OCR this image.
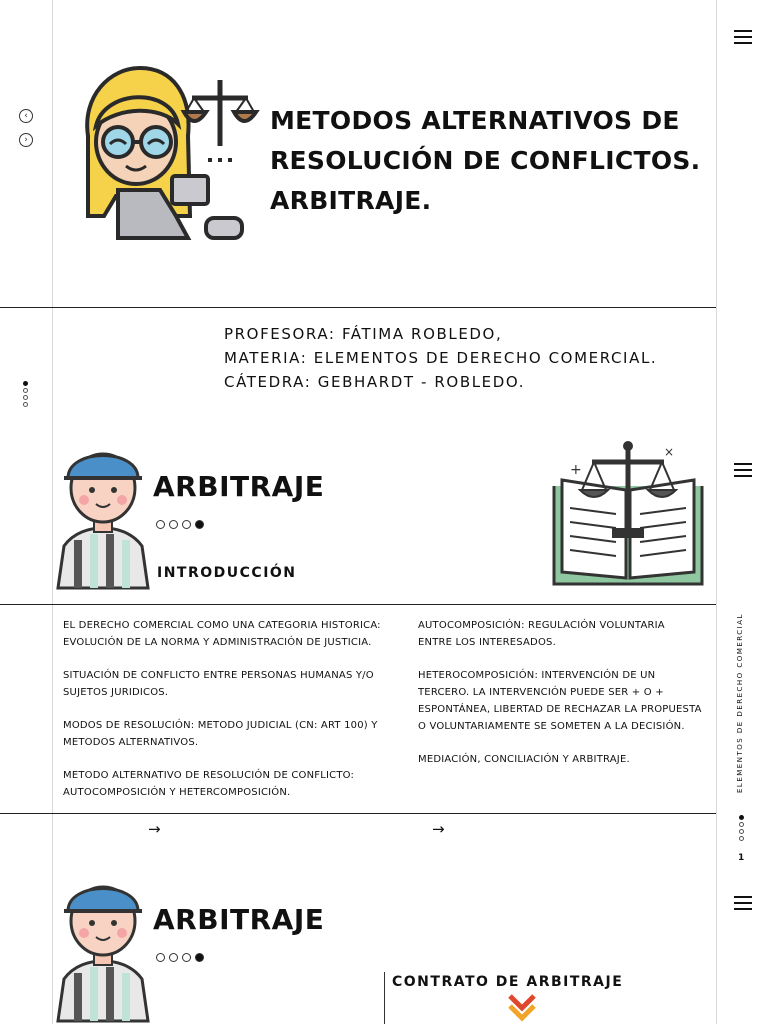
‹
›
ELEMENTOS DE DERECHO COMERCIAL
1
METODOS ALTERNATIVOS DE
RESOLUCIÓN DE CONFLICTOS.
ARBITRAJE.
PROFESORA: FÁTIMA ROBLEDO,
MATERIA: ELEMENTOS DE DERECHO COMERCIAL.
CÁTEDRA: GEBHARDT - ROBLEDO.
ARBITRAJE
INTRODUCCIÓN
+
×

EL DERECHO COMERCIAL COMO UNA CATEGORIA HISTORICA: EVOLUCIÓN DE LA NORMA Y ADMINISTRACIÓN DE JUSTICIA.

SITUACIÓN DE CONFLICTO ENTRE PERSONAS HUMANAS Y/O SUJETOS JURIDICOS.

MODOS DE RESOLUCIÓN: METODO JUDICIAL (CN: ART 100) Y METODOS ALTERNATIVOS.

METODO ALTERNATIVO DE RESOLUCIÓN DE CONFLICTO: AUTOCOMPOSICIÓN Y HETERCOMPOSICIÓN.

AUTOCOMPOSICIÓN: REGULACIÓN VOLUNTARIA ENTRE LOS INTERESADOS.

HETEROCOMPOSICIÓN: INTERVENCIÓN DE UN TERCERO. LA INTERVENCIÓN PUEDE SER + O + ESPONTÁNEA, LIBERTAD DE RECHAZAR LA PROPUESTA O VOLUNTARIAMENTE SE SOMETEN A LA DECISIÓN.

MEDIACIÓN, CONCILIACIÓN Y ARBITRAJE.

→	→
ARBITRAJE
CONTRATO DE ARBITRAJE
